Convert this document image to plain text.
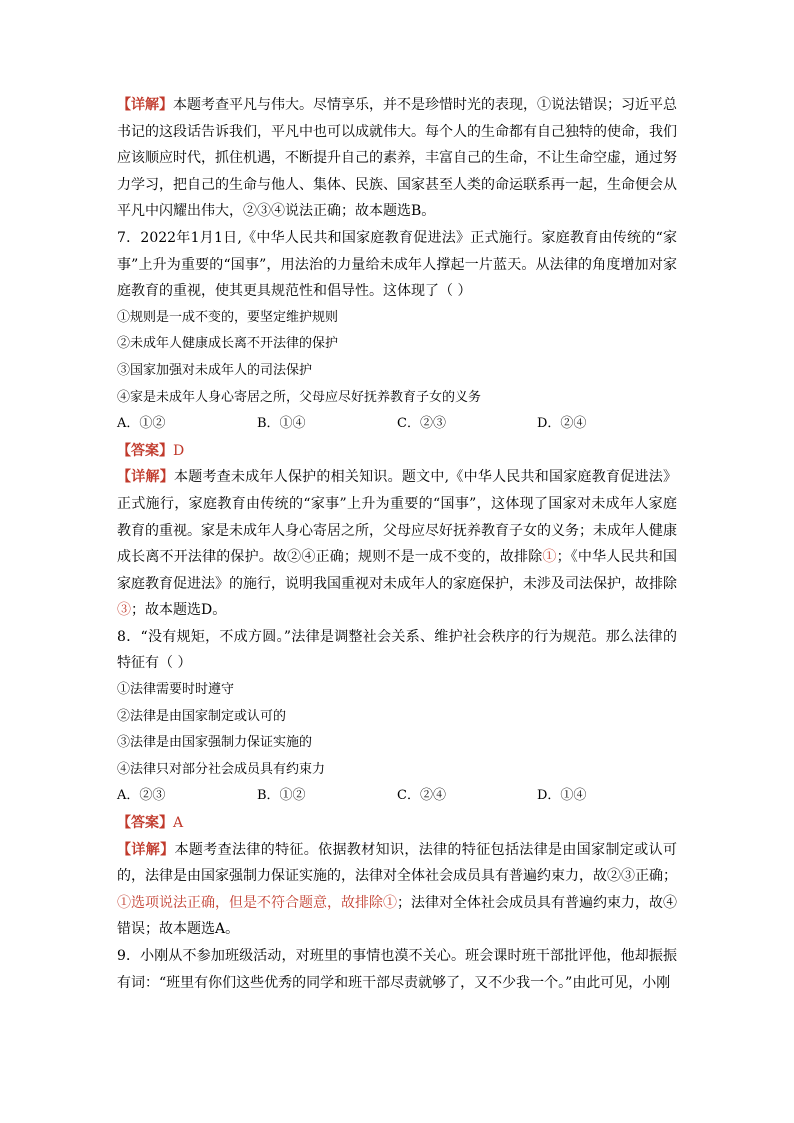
【详解】本题考查平凡与伟大。尽情享乐，并不是珍惜时光的表现，①说法错误；习近平总书记的这段话告诉我们，平凡中也可以成就伟大。每个人的生命都有自己独特的使命，我们应该顺应时代，抓住机遇，不断提升自己的素养，丰富自己的生命，不让生命空虚，通过努力学习，把自己的生命与他人、集体、民族、国家甚至人类的命运联系再一起，生命便会从平凡中闪耀出伟大，②③④说法正确；故本题选B。

7．2022年1月1日,《中华人民共和国家庭教育促进法》正式施行。家庭教育由传统的“家事”上升为重要的“国事”，用法治的力量给未成年人撑起一片蓝天。从法律的角度增加对家庭教育的重视，使其更具规范性和倡导性。这体现了（ ）

①规则是一成不变的，要坚定维护规则

②未成年人健康成长离不开法律的保护

③国家加强对未成年人的司法保护

④家是未成年人身心寄居之所，父母应尽好抚养教育子女的义务

A．①②	B．①④	C．②③	D．②④

【答案】D

【详解】本题考查未成年人保护的相关知识。题文中,《中华人民共和国家庭教育促进法》正式施行，家庭教育由传统的“家事”上升为重要的“国事”，这体现了国家对未成年人家庭教育的重视。家是未成年人身心寄居之所，父母应尽好抚养教育子女的义务；未成年人健康成长离不开法律的保护。故②④正确；规则不是一成不变的，故排除①；《中华人民共和国家庭教育促进法》的施行，说明我国重视对未成年人的家庭保护，未涉及司法保护，故排除③；故本题选D。

8．“没有规矩，不成方圆。”法律是调整社会关系、维护社会秩序的行为规范。那么法律的特征有（ ）

①法律需要时时遵守

②法律是由国家制定或认可的

③法律是由国家强制力保证实施的

④法律只对部分社会成员具有约束力

A．②③	B．①②	C．②④	D．①④

【答案】A

【详解】本题考查法律的特征。依据教材知识，法律的特征包括法律是由国家制定或认可的，法律是由国家强制力保证实施的，法律对全体社会成员具有普遍约束力，故②③正确；①选项说法正确，但是不符合题意，故排除①；法律对全体社会成员具有普遍约束力，故④错误；故本题选A。

9．小刚从不参加班级活动，对班里的事情也漠不关心。班会课时班干部批评他，他却振振有词：“班里有你们这些优秀的同学和班干部尽责就够了，又不少我一个。”由此可见，小刚
